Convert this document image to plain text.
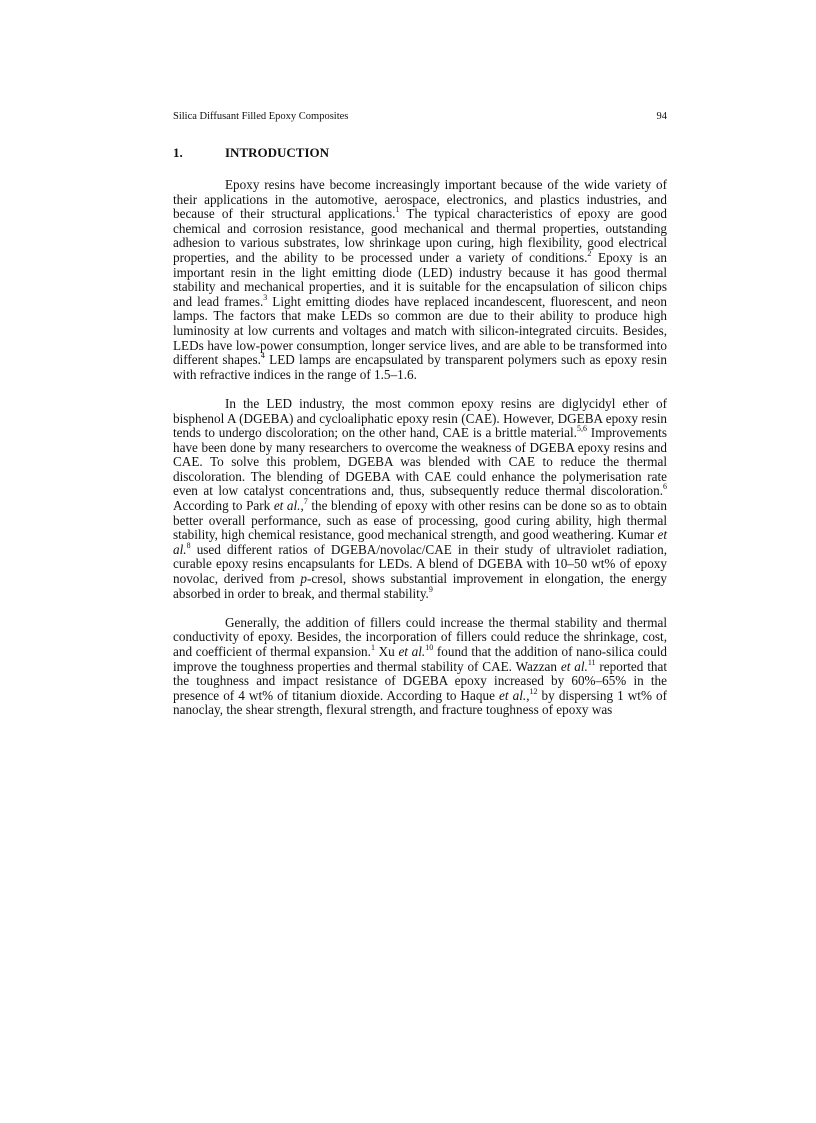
Silica Diffusant Filled Epoxy Composites	94
1.	INTRODUCTION

Epoxy resins have become increasingly important because of the wide variety of their applications in the automotive, aerospace, electronics, and plastics industries, and because of their structural applications.$^1$ The typical characteristics of epoxy are good chemical and corrosion resistance, good mechanical and thermal properties, outstanding adhesion to various substrates, low shrinkage upon curing, high flexibility, good electrical properties, and the ability to be processed under a variety of conditions.$^2$ Epoxy is an important resin in the light emitting diode (LED) industry because it has good thermal stability and mechanical properties, and it is suitable for the encapsulation of silicon chips and lead frames.$^3$ Light emitting diodes have replaced incandescent, fluorescent, and neon lamps. The factors that make LEDs so common are due to their ability to produce high luminosity at low currents and voltages and match with silicon-integrated circuits. Besides, LEDs have low-power consumption, longer service lives, and are able to be transformed into different shapes.$^4$ LED lamps are encapsulated by transparent polymers such as epoxy resin with refractive indices in the range of 1.5–1.6.

In the LED industry, the most common epoxy resins are diglycidyl ether of bisphenol A (DGEBA) and cycloaliphatic epoxy resin (CAE). However, DGEBA epoxy resin tends to undergo discoloration; on the other hand, CAE is a brittle material.$^{5,6}$ Improvements have been done by many researchers to overcome the weakness of DGEBA epoxy resins and CAE. To solve this problem, DGEBA was blended with CAE to reduce the thermal discoloration. The blending of DGEBA with CAE could enhance the polymerisation rate even at low catalyst concentrations and, thus, subsequently reduce thermal discoloration.$^6$ According to Park et al.,$^7$ the blending of epoxy with other resins can be done so as to obtain better overall performance, such as ease of processing, good curing ability, high thermal stability, high chemical resistance, good mechanical strength, and good weathering. Kumar et al.$^8$ used different ratios of DGEBA/novolac/CAE in their study of ultraviolet radiation, curable epoxy resins encapsulants for LEDs. A blend of DGEBA with 10–50 wt% of epoxy novolac, derived from p-cresol, shows substantial improvement in elongation, the energy absorbed in order to break, and thermal stability.$^9$

Generally, the addition of fillers could increase the thermal stability and thermal conductivity of epoxy. Besides, the incorporation of fillers could reduce the shrinkage, cost, and coefficient of thermal expansion.$^1$ Xu et al.$^{10}$ found that the addition of nano-silica could improve the toughness properties and thermal stability of CAE. Wazzan et al.$^{11}$ reported that the toughness and impact resistance of DGEBA epoxy increased by 60%–65% in the presence of 4 wt% of titanium dioxide. According to Haque et al.,$^{12}$ by dispersing 1 wt% of nanoclay, the shear strength, flexural strength, and fracture toughness of epoxy was
